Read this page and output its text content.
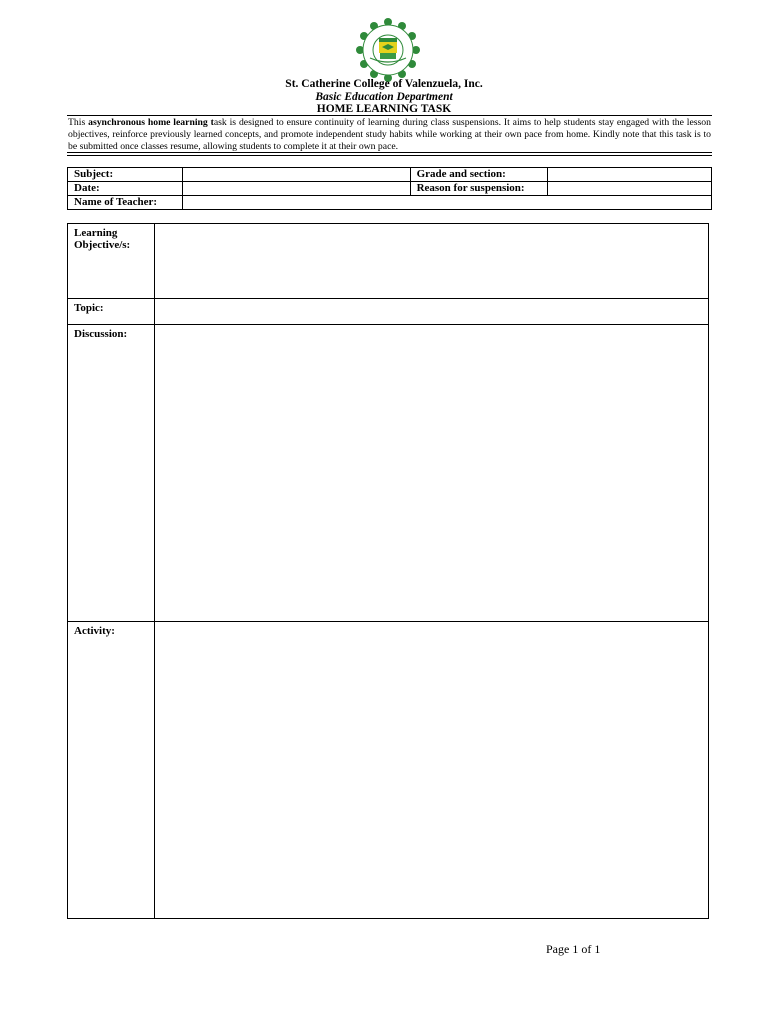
St. Catherine College of Valenzuela, Inc.
Basic Education Department
HOME LEARNING TASK
This asynchronous home learning task is designed to ensure continuity of learning during class suspensions. It aims to help students stay engaged with the lesson objectives, reinforce previously learned concepts, and promote independent study habits while working at their own pace from home. Kindly note that this task is to be submitted once classes resume, allowing students to complete it at their own pace.
Subject:		Grade and section:	
Date:		Reason for suspension:	
Name of Teacher:			
Learning Objective/s:	
Topic:	
Discussion:	
Activity:	
Page 1 of 1
